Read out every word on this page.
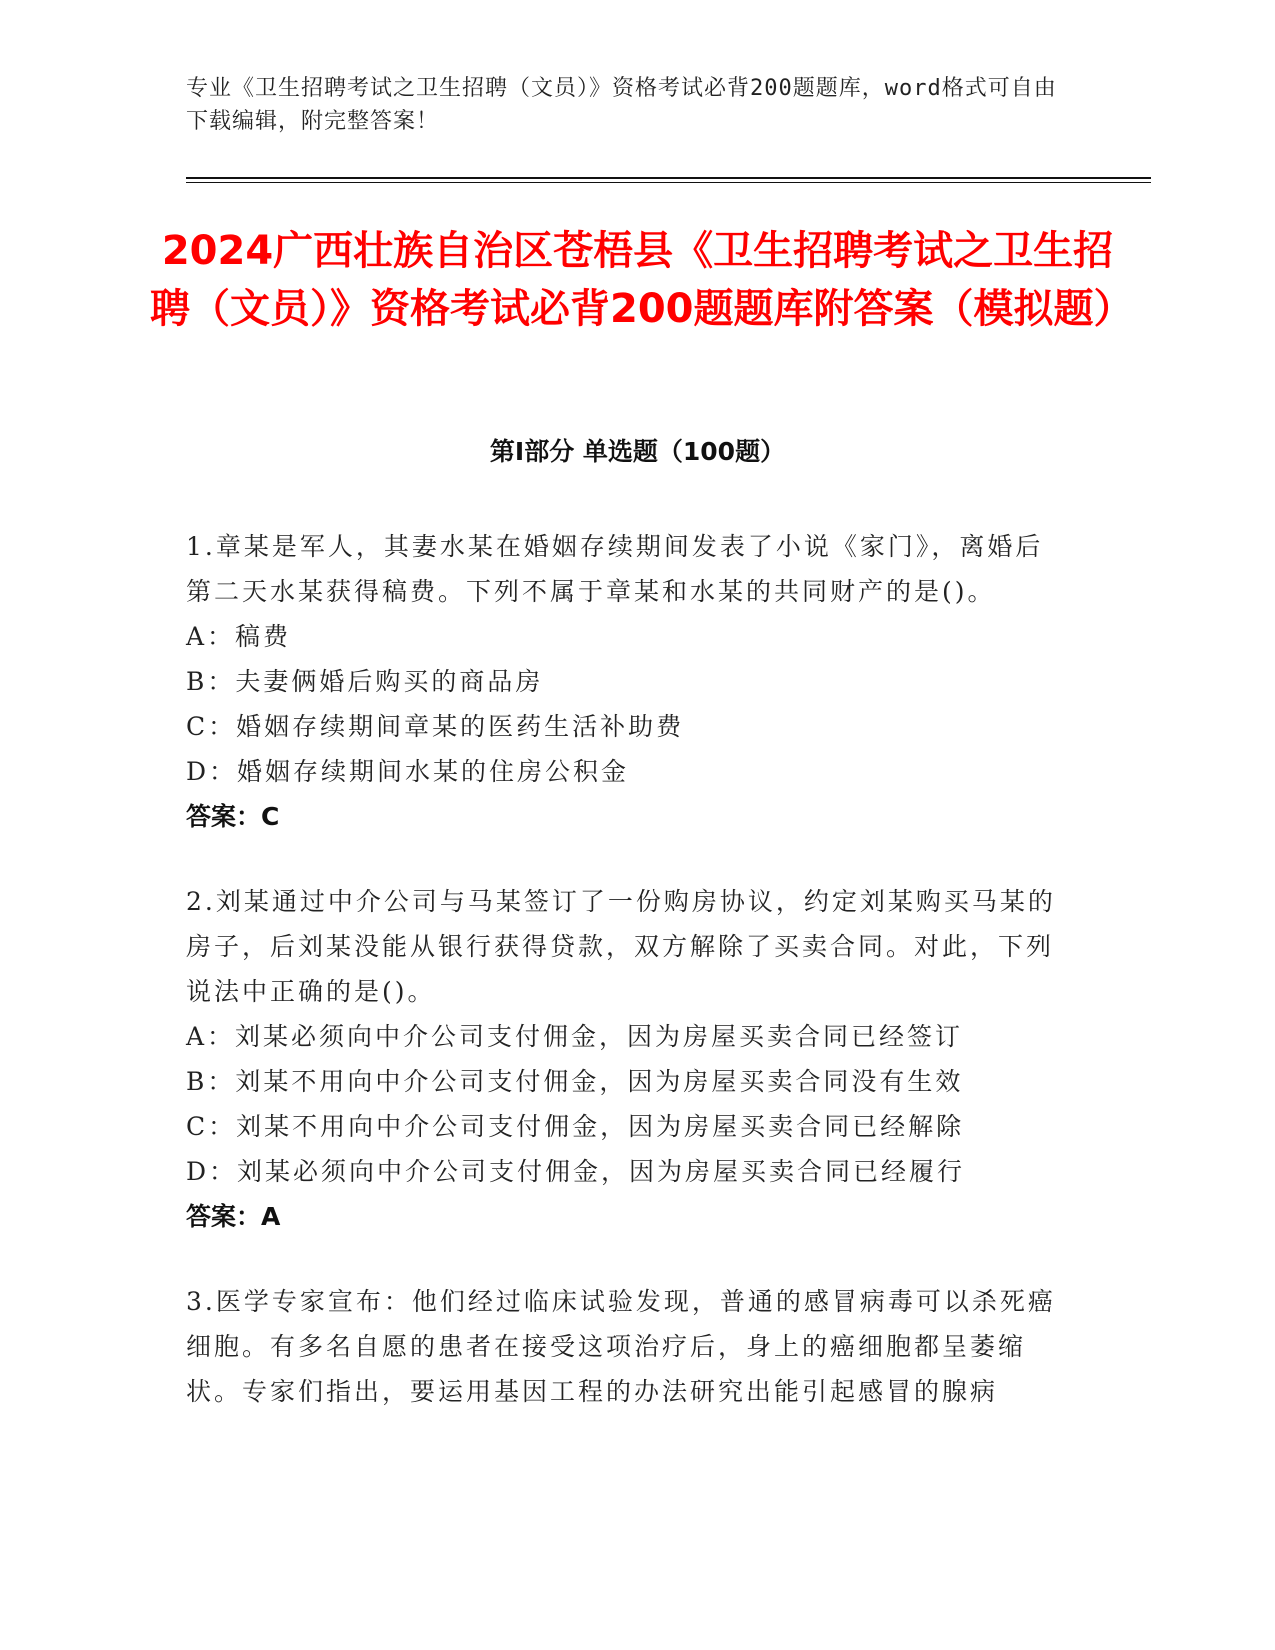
专业《卫生招聘考试之卫生招聘（文员）》资格考试必背200题题库，word格式可自由下载编辑，附完整答案！
2024广西壮族自治区苍梧县《卫生招聘考试之卫生招聘（文员）》资格考试必背200题题库附答案（模拟题）
第Ⅰ部分 单选题（100题）
1.章某是军人，其妻水某在婚姻存续期间发表了小说《家门》，离婚后第二天水某获得稿费。下列不属于章某和水某的共同财产的是()。
A：稿费
B：夫妻俩婚后购买的商品房
C：婚姻存续期间章某的医药生活补助费
D：婚姻存续期间水某的住房公积金
答案：C
2.刘某通过中介公司与马某签订了一份购房协议，约定刘某购买马某的房子，后刘某没能从银行获得贷款，双方解除了买卖合同。对此，下列说法中正确的是()。
A：刘某必须向中介公司支付佣金，因为房屋买卖合同已经签订
B：刘某不用向中介公司支付佣金，因为房屋买卖合同没有生效
C：刘某不用向中介公司支付佣金，因为房屋买卖合同已经解除
D：刘某必须向中介公司支付佣金，因为房屋买卖合同已经履行
答案：A
3.医学专家宣布：他们经过临床试验发现，普通的感冒病毒可以杀死癌细胞。有多名自愿的患者在接受这项治疗后，身上的癌细胞都呈萎缩状。专家们指出，要运用基因工程的办法研究出能引起感冒的腺病
